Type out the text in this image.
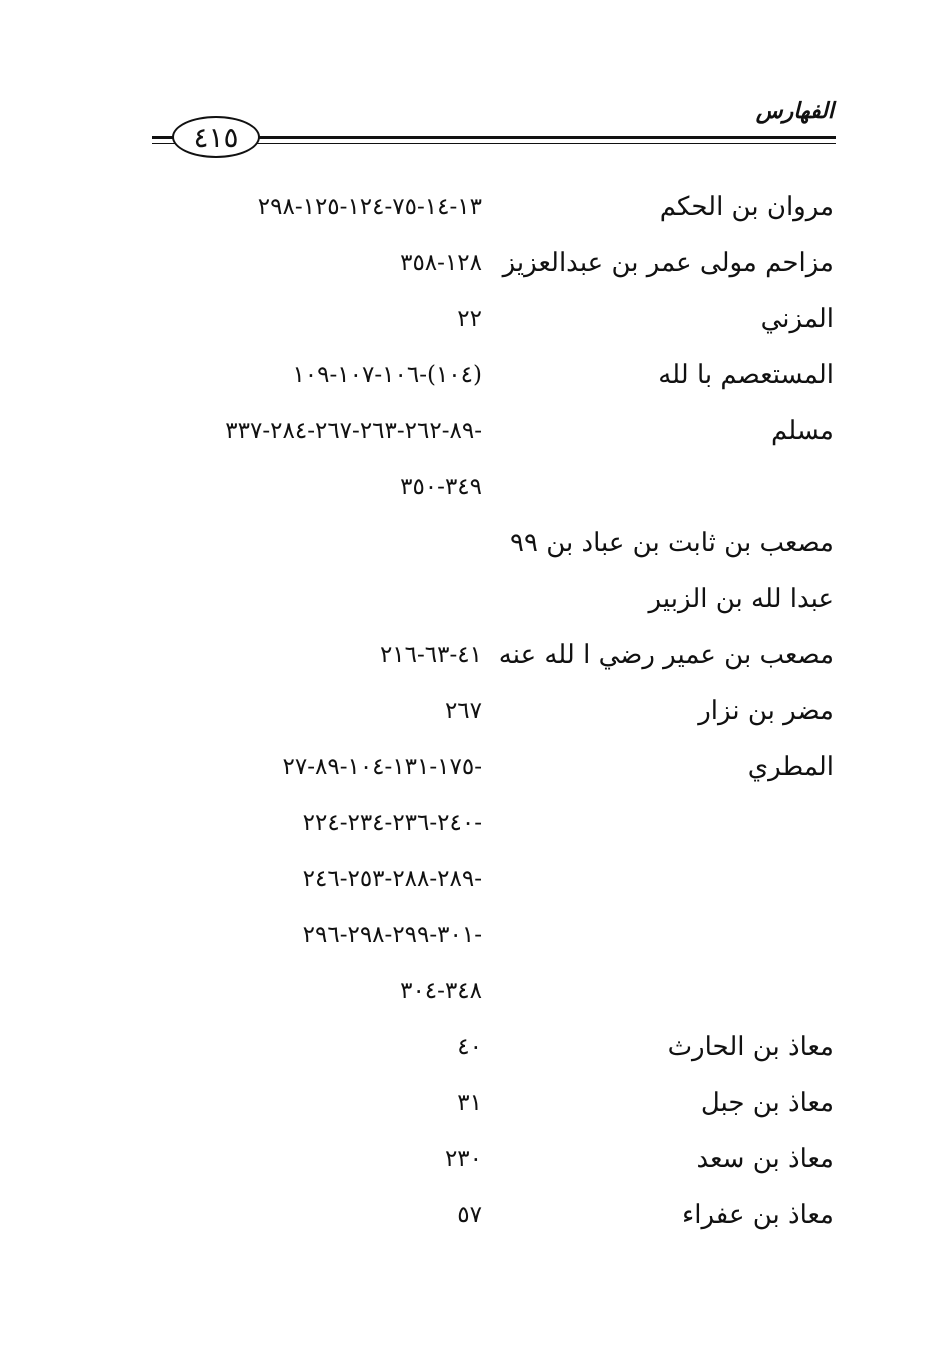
الفهارس
٤١٥
مروان بن الحكم
١٣-١٤-٧٥-١٢٤-١٢٥-٢٩٨
مزاحم مولى عمر بن عبدالعزيز
١٢٨-٣٥٨
المزني
٢٢
المستعصم با لله
(١٠٤)-١٠٦-١٠٧-١٠٩
مسلم
-٨٩-٢٦٢-٢٦٣-٢٦٧-٢٨٤-٣٣٧
٣٤٩-٣٥٠
مصعب بن ثابت بن عباد بن ٩٩
عبدا لله بن الزبير
مصعب بن عمير رضي ا لله عنه
٤١-٦٣-٢١٦
مضر بن نزار
٢٦٧
المطري
-١٧٥-١٣١-١٠٤-٨٩-٢٧
-٢٤٠-٢٣٦-٢٣٤-٢٢٤
-٢٨٩-٢٨٨-٢٥٣-٢٤٦
-٣٠١-٢٩٩-٢٩٨-٢٩٦
٣٤٨-٣٠٤
معاذ بن الحارث
٤٠
معاذ بن جبل
٣١
معاذ بن سعد
٢٣٠
معاذ بن عفراء
٥٧
